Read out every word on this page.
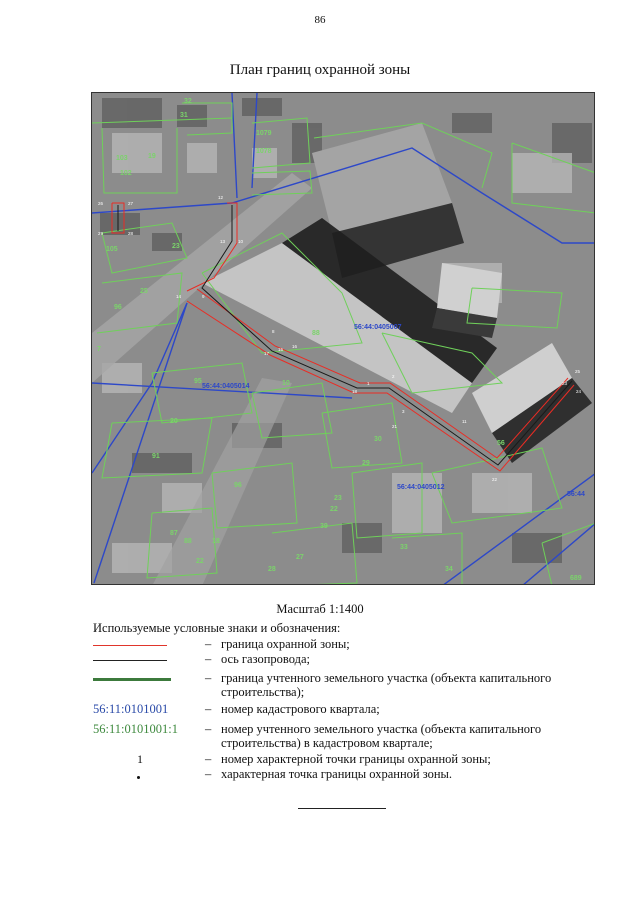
86
План границ охранной зоны
26	27
29	28
12
13	10
14	9
8
16
15
17
18
1
2
3
11
22
25
24
23
21
56:44:0405007
56:44:0405014
56:44:0405012
56:44
32
31
1079
1078
103	19
102
105	23
25
96
88
7
20
10
91
96
95
30
29
23
22
39
87
88	18
22
27
28
33
34
56
689
Масштаб 1:1400
Используемые условные знаки и обозначения:
– граница охранной зоны;
– ось газопровода;
– граница учтенного земельного участка (объекта капитального строительства);
56:11:0101001	– номер кадастрового квартала;
56:11:0101001:1	– номер учтенного земельного участка (объекта капитального строительства) в кадастровом квартале;
1	– номер характерной точки границы охранной зоны;
– характерная точка границы охранной зоны.
